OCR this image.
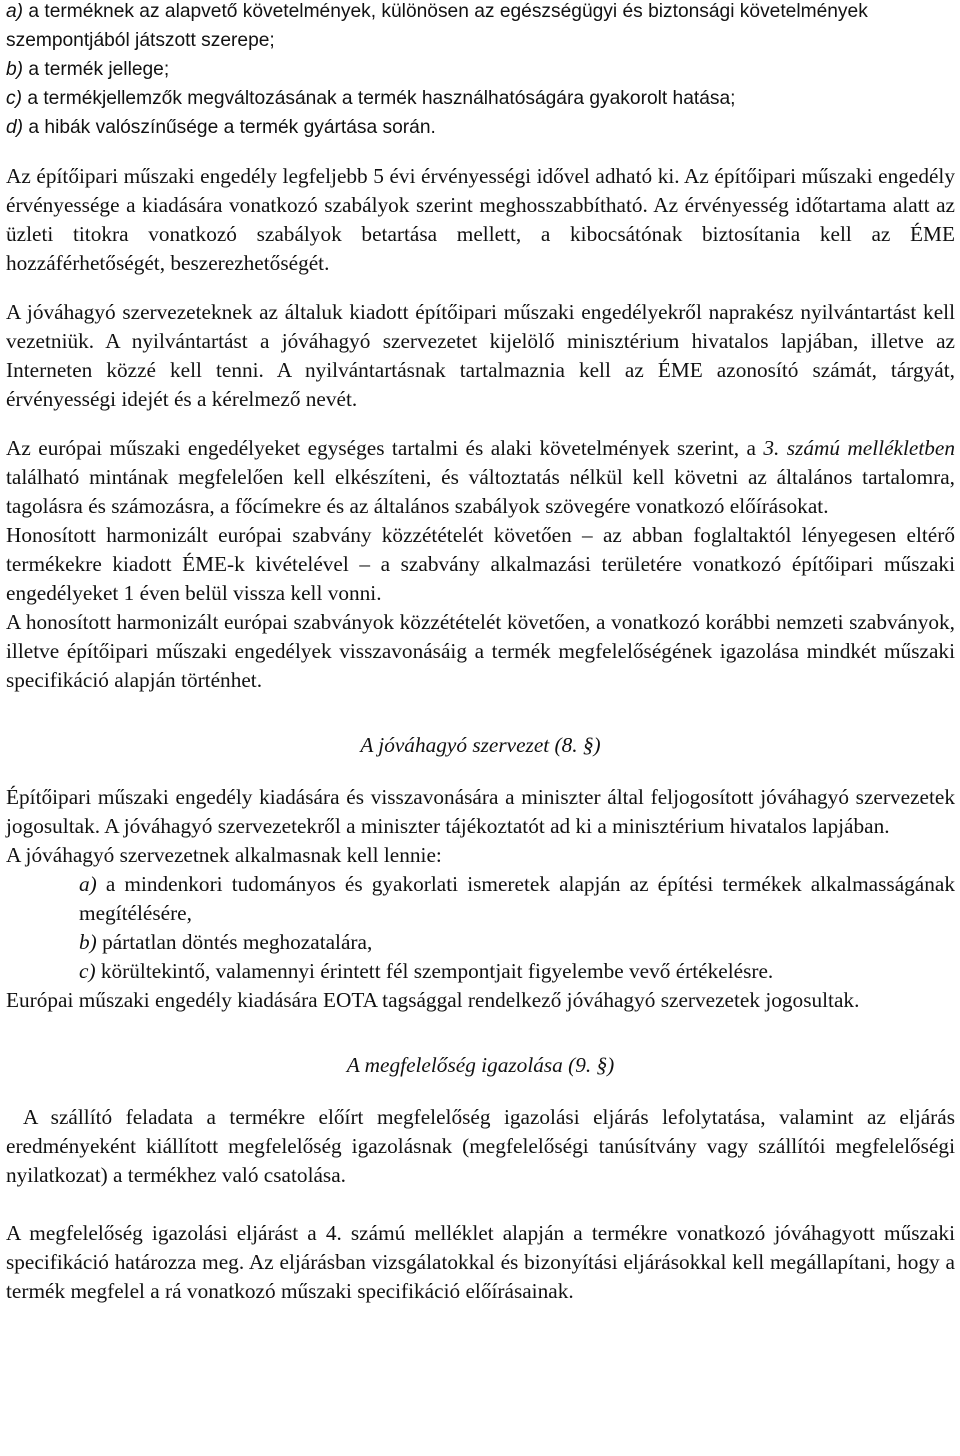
a) a terméknek az alapvető követelmények, különösen az egészségügyi és biztonsági követelmények szempontjából játszott szerepe;

b) a termék jellege;

c) a termékjellemzők megváltozásának a termék használhatóságára gyakorolt hatása;

d) a hibák valószínűsége a termék gyártása során.

Az építőipari műszaki engedély legfeljebb 5 évi érvényességi idővel adható ki. Az építőipari műszaki engedély érvényessége a kiadására vonatkozó szabályok szerint meghosszabbítható. Az érvényesség időtartama alatt az üzleti titokra vonatkozó szabályok betartása mellett, a kibocsátónak biztosítania kell az ÉME hozzáférhetőségét, beszerezhetőségét.

A jóváhagyó szervezeteknek az általuk kiadott építőipari műszaki engedélyekről naprakész nyilvántartást kell vezetniük. A nyilvántartást a jóváhagyó szervezetet kijelölő minisztérium hivatalos lapjában, illetve az Interneten közzé kell tenni. A nyilvántartásnak tartalmaznia kell az ÉME azonosító számát, tárgyát, érvényességi idejét és a kérelmező nevét.

Az európai műszaki engedélyeket egységes tartalmi és alaki követelmények szerint, a 3. számú mellékletben található mintának megfelelően kell elkészíteni, és változtatás nélkül kell követni az általános tartalomra, tagolásra és számozásra, a főcímekre és az általános szabályok szövegére vonatkozó előírásokat.

Honosított harmonizált európai szabvány közzétételét követően – az abban foglaltaktól lényegesen eltérő termékekre kiadott ÉME-k kivételével – a szabvány alkalmazási területére vonatkozó építőipari műszaki engedélyeket 1 éven belül vissza kell vonni.

A honosított harmonizált európai szabványok közzétételét követően, a vonatkozó korábbi nemzeti szabványok, illetve építőipari műszaki engedélyek visszavonásáig a termék megfelelőségének igazolása mindkét műszaki specifikáció alapján történhet.

A jóváhagyó szervezet (8. §)

Építőipari műszaki engedély kiadására és visszavonására a miniszter által feljogosított jóváhagyó szervezetek jogosultak. A jóváhagyó szervezetekről a miniszter tájékoztatót ad ki a minisztérium hivatalos lapjában.

A jóváhagyó szervezetnek alkalmasnak kell lennie:

a) a mindenkori tudományos és gyakorlati ismeretek alapján az építési termékek alkalmasságának megítélésére,

b) pártatlan döntés meghozatalára,

c) körültekintő, valamennyi érintett fél szempontjait figyelembe vevő értékelésre.

Európai műszaki engedély kiadására EOTA tagsággal rendelkező jóváhagyó szervezetek jogosultak.

A megfelelőség igazolása (9. §)

A szállító feladata a termékre előírt megfelelőség igazolási eljárás lefolytatása, valamint az eljárás eredményeként kiállított megfelelőség igazolásnak (megfelelőségi tanúsítvány vagy szállítói megfelelőségi nyilatkozat) a termékhez való csatolása.

A megfelelőség igazolási eljárást a 4. számú melléklet alapján a termékre vonatkozó jóváhagyott műszaki specifikáció határozza meg. Az eljárásban vizsgálatokkal és bizonyítási eljárásokkal kell megállapítani, hogy a termék megfelel a rá vonatkozó műszaki specifikáció előírásainak.
